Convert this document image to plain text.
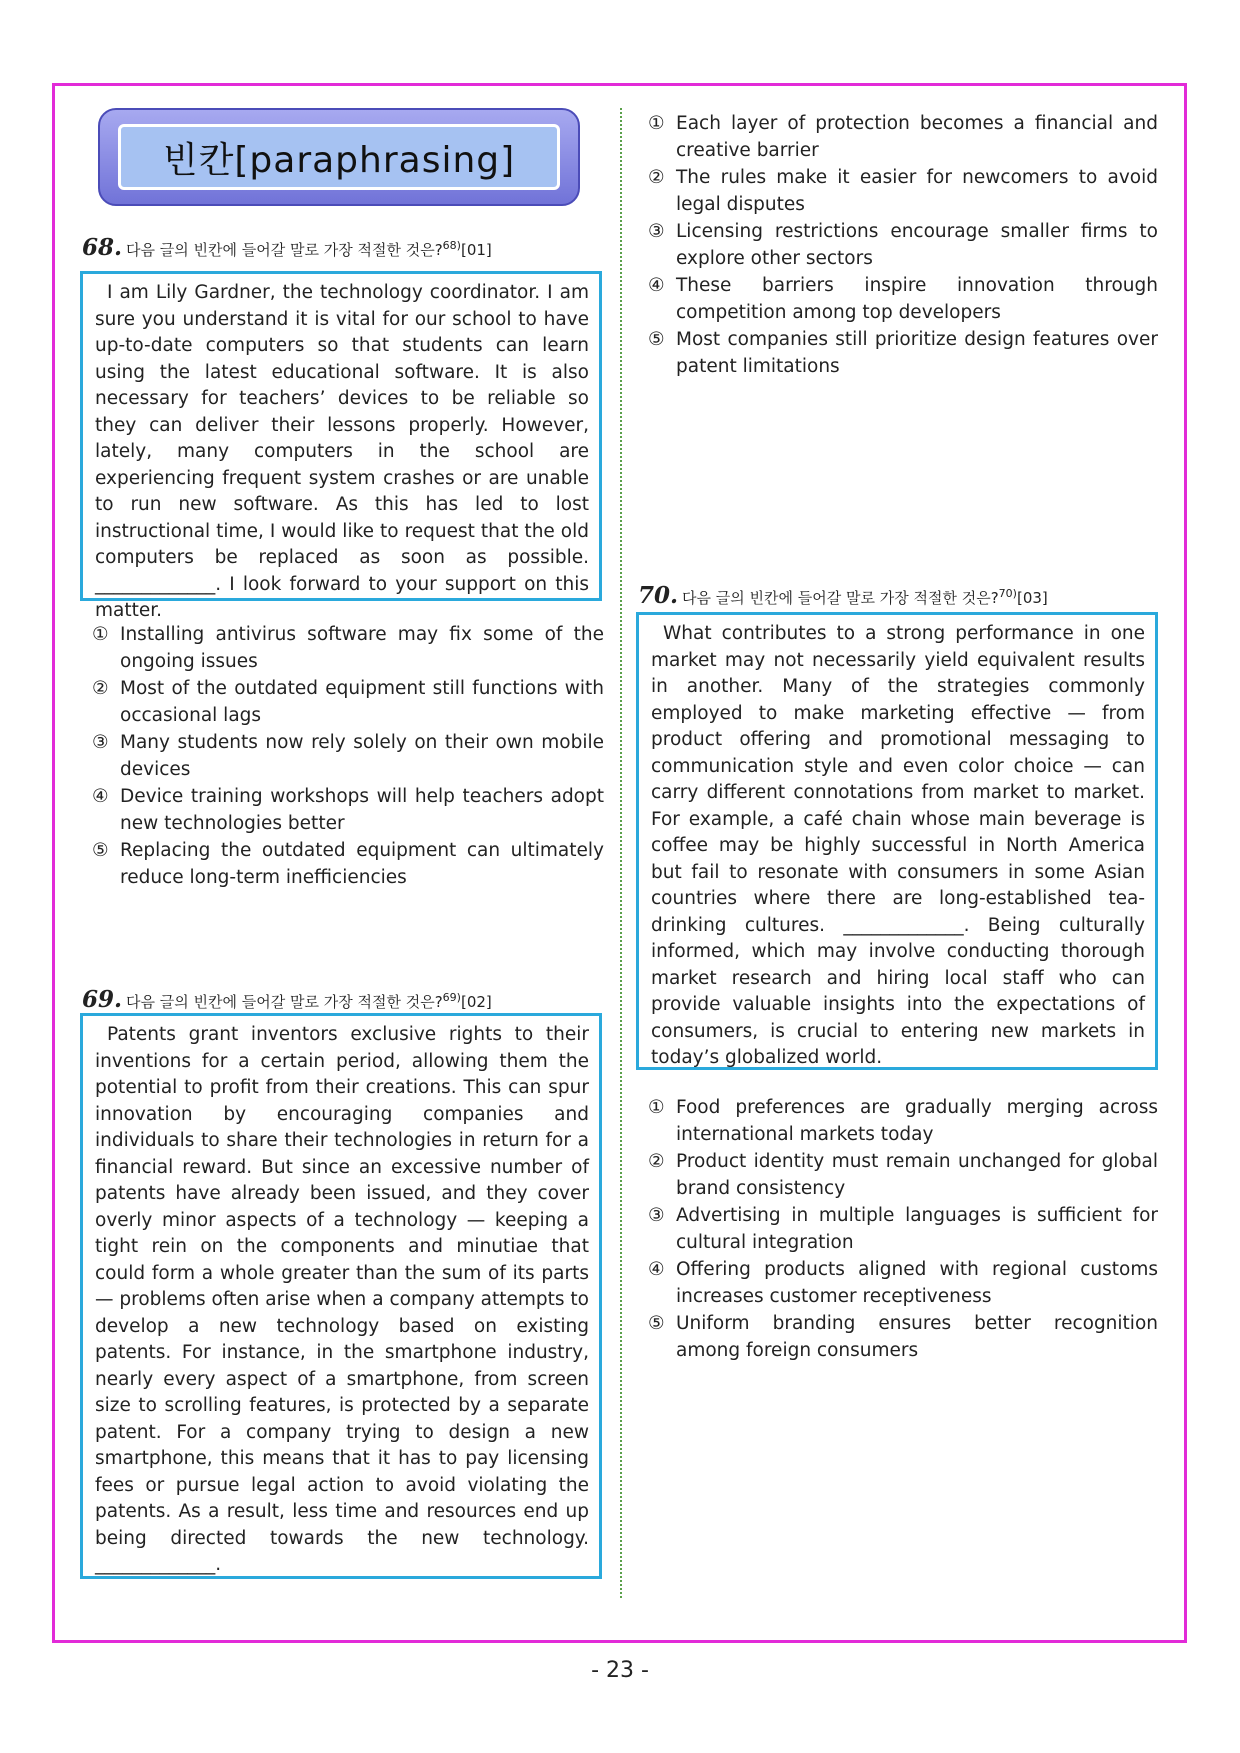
빈칸[paraphrasing]
68. 다음 글의 빈칸에 들어갈 말로 가장 적절한 것은?$^{68)}$[01]
I am Lily Gardner, the technology coordinator. I am sure you understand it is vital for our school to have up-to-date computers so that students can learn using the latest educational software. It is also necessary for teachers’ devices to be reliable so they can deliver their lessons properly. However, lately, many computers in the school are experiencing frequent system crashes or are unable to run new software. As this has led to lost instructional time, I would like to request that the old computers be replaced as soon as possible. _____________. I look forward to your support on this matter.
① Installing antivirus software may fix some of the ongoing issues
② Most of the outdated equipment still functions with occasional lags
③ Many students now rely solely on their own mobile devices
④ Device training workshops will help teachers adopt new technologies better
⑤ Replacing the outdated equipment can ultimately reduce long-term inefficiencies
69. 다음 글의 빈칸에 들어갈 말로 가장 적절한 것은?$^{69)}$[02]
Patents grant inventors exclusive rights to their inventions for a certain period, allowing them the potential to profit from their creations. This can spur innovation by encouraging companies and individuals to share their technologies in return for a financial reward. But since an excessive number of patents have already been issued, and they cover overly minor aspects of a technology — keeping a tight rein on the components and minutiae that could form a whole greater than the sum of its parts — problems often arise when a company attempts to develop a new technology based on existing patents. For instance, in the smartphone industry, nearly every aspect of a smartphone, from screen size to scrolling features, is protected by a separate patent. For a company trying to design a new smartphone, this means that it has to pay licensing fees or pursue legal action to avoid violating the patents. As a result, less time and resources end up being directed towards the new technology. _____________.
① Each layer of protection becomes a financial and creative barrier
② The rules make it easier for newcomers to avoid legal disputes
③ Licensing restrictions encourage smaller firms to explore other sectors
④ These barriers inspire innovation through competition among top developers
⑤ Most companies still prioritize design features over patent limitations
70. 다음 글의 빈칸에 들어갈 말로 가장 적절한 것은?$^{70)}$[03]
What contributes to a strong performance in one market may not necessarily yield equivalent results in another. Many of the strategies commonly employed to make marketing effective — from product offering and promotional messaging to communication style and even color choice — can carry different connotations from market to market. For example, a café chain whose main beverage is coffee may be highly successful in North America but fail to resonate with consumers in some Asian countries where there are long-established tea-drinking cultures. _____________. Being culturally informed, which may involve conducting thorough market research and hiring local staff who can provide valuable insights into the expectations of consumers, is crucial to entering new markets in today’s globalized world.
① Food preferences are gradually merging across international markets today
② Product identity must remain unchanged for global brand consistency
③ Advertising in multiple languages is sufficient for cultural integration
④ Offering products aligned with regional customs increases customer receptiveness
⑤ Uniform branding ensures better recognition among foreign consumers
- 23 -
